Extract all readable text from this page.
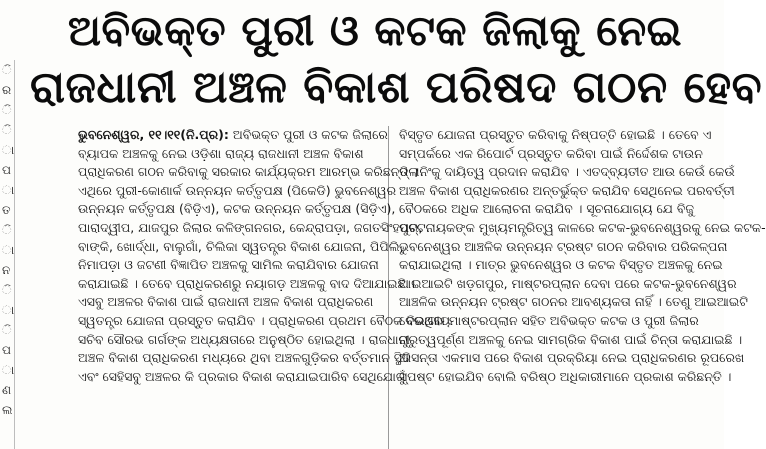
ି
ର
ି
ି
ା
ପ
ା
ତ
ି
ା
ନ
ି
ା
ି
ପ
ା
ଣ
ଲ
ଅବିଭକ୍ତ ପୁରୀ ଓ କଟକ ଜିଲାକୁ ନେଇ
ରାଜଧାନୀ ଅଞ୍ଚଳ ବିକାଶ ପରିଷଦ ଗଠନ ହେବ
ଭୁବନେଶ୍ୱର, ୧୧।୧୧(ନି.ପ୍ର): ଅବିଭକ୍ତ ପୁରୀ ଓ କଟକ ଜିଲାରେ
ବ୍ୟାପକ ଅଞ୍ଚଳକୁ ନେଇ ଓଡ଼ିଶା ରାଜ୍ୟ ରାଜଧାନୀ ଅଞ୍ଚଳ ବିକାଶ
ପ୍ରାଧିକରଣ ଗଠନ କରିବାକୁ ସରକାର କାର୍ଯ୍ୟକ୍ରମ ଆରମ୍ଭ କରିଛନ୍ତି ।
ଏଥିରେ ପୁରୀ-କୋଣାର୍କ ଉନ୍ନୟନ କର୍ତ୍ତୃପକ୍ଷ (ପିକେଡି) ଭୁବନେଶ୍ୱର
ଉନ୍ନୟନ କର୍ତ୍ତୃପକ୍ଷ (ବିଡ଼ିଏ), କଟକ ଉନ୍ନୟନ କର୍ତ୍ତୃପକ୍ଷ (ସିଡ଼ିଏ),
ପାରାଦ୍ୱୀପ, ଯାଜପୁର ଜିଲାର କଳିଙ୍ଗନଗର, କେନ୍ଦ୍ରାପଡ଼ା, ଜଗତସିଂହପୁର,
ବାଙ୍କି, ଖୋର୍ଦ୍ଧା, ବାଲୁଗାଁ, ଚିଲିକା ସ୍ୱତନ୍ତ୍ର ବିକାଶ ଯୋଜନା, ପିପିଲି,
ନିମାପଡ଼ା ଓ ଜଟଣୀ ବିଜ୍ଞାପିତ ଅଞ୍ଚଳକୁ ସାମିଲ କରାଯିବାର ଯୋଜନା
କରାଯାଇଛି । ତେବେ ପ୍ରାଧିକରଣରୁ ନୟାଗଡ଼ ଅଞ୍ଚଳକୁ ବାଦ ଦିଆଯାଇଛି ।
ଏସବୁ ଅଞ୍ଚଳର ବିକାଶ ପାଇଁ ରାଜଧାନୀ ଅଞ୍ଚଳ ବିକାଶ ପ୍ରାଧିକରଣ
ସ୍ୱତନ୍ତ୍ର ଯୋଜନା ପ୍ରସ୍ତୁତ କରାଯିବ । ପ୍ରାଧିକରଣ ପ୍ରଥମ ବୈଠକ ବିଭାଗୀୟ
ସଚିବ ସୌରଭ ଗର୍ଗଙ୍କ ଅଧ୍ୟକ୍ଷତାରେ ଅନୁଷ୍ଠିତ ହୋଇଥିଲା । ରାଜଧାନୀ
ଅଞ୍ଚଳ ବିକାଶ ପ୍ରାଧିକରଣ ମଧ୍ୟରେ ଥିବା ଅଞ୍ଚଳଗୁଡ଼ିକର ବର୍ତ୍ତମାନ ସ୍ଥିତି
ଏବଂ ସେହିସବୁ ଅଞ୍ଚଳର କି ପ୍ରକାର ବିକାଶ କରାଯାଇପାରିବ ସେଥିଯୋଗୁଁ
ବିସ୍ତୃତ ଯୋଜନା ପ୍ରସ୍ତୁତ କରିବାକୁ ନିଷ୍ପତ୍ତି ହୋଇଛି । ତେବେ ଏ
ସମ୍ପର୍କରେ ଏକ ରିପୋର୍ଟ ପ୍ରସ୍ତୁତ କରିବା ପାଇଁ ନିର୍ଦ୍ଦେଶକ ଟାଉନ
ପ୍ଲାନିଂକୁ ଦାୟିତ୍ୱ ପ୍ରଦାନ କରାଯିବ । ଏତଦ୍‌ବ୍ୟତୀତ ଆଉ କେଉଁ କେଉଁ
ଅଞ୍ଚଳ ବିକାଶ ପ୍ରାଧିକରଣର ଅନ୍ତର୍ଭୁକ୍ତ କରାଯିବ ସେଥିନେଇ ପରବର୍ତ୍ତୀ
ବୈଠକରେ ଅଧିକ ଆଲୋଚନା କରାଯିବ । ସୂଚନାଯୋଗ୍ୟ ଯେ ବିଜୁ
ପଟ୍ଟନାୟକଙ୍କ ମୁଖ୍ୟମନ୍ତ୍ରିତ୍ୱ କାଳରେ କଟକ-ଭୁବନେଶ୍ୱରକୁ ନେଇ କଟକ-
ଭୁବନେଶ୍ୱର ଆଞ୍ଚଳିକ ଉନ୍ନୟନ ଟ୍ରଷ୍ଟ ଗଠନ କରିବାର ପରିକଳ୍ପନା
କରାଯାଇଥିଲା । ମାତ୍ର ଭୁବନେଶ୍ୱର ଓ କଟକ ବିସ୍ତୃତ ଅଞ୍ଚଳକୁ ନେଇ
ଆଇଆଇଟି ଖଡ଼ଗପୁର, ମାଷ୍ଟରପ୍ଲାନ ଦେବା ପରେ କଟକ-ଭୁବନେଶ୍ୱର
ଆଞ୍ଚଳିକ ଉନ୍ନୟନ ଟ୍ରଷ୍ଟ ଗଠନର ଆବଶ୍ୟକତା ନାହିଁ । ତେଣୁ ଆଇଆଇଟି
ଦେଇଥିବା ମାଷ୍ଟରପ୍ଲାନ ସହିତ ଅବିଭକ୍ତ କଟକ ଓ ପୁରୀ ଜିଲାର
ଗୁରୁତ୍ୱପୂର୍ଣ୍ଣ ଅଞ୍ଚଳକୁ ନେଇ ସାମଗ୍ରିକ ବିକାଶ ପାଇଁ ଚିନ୍ତା କରାଯାଇଛି ।
ଆସନ୍ତା ଏକମାସ ପରେ ବିକାଶ ପ୍ରକ୍ରିୟା ନେଇ ପ୍ରାଧିକରଣର ରୂପରେଖ
ସ୍ପଷ୍ଟ ହୋଇଯିବ ବୋଲି ବରିଷ୍ଠ ଅଧିକାରୀମାନେ ପ୍ରକାଶ କରିଛନ୍ତି ।
